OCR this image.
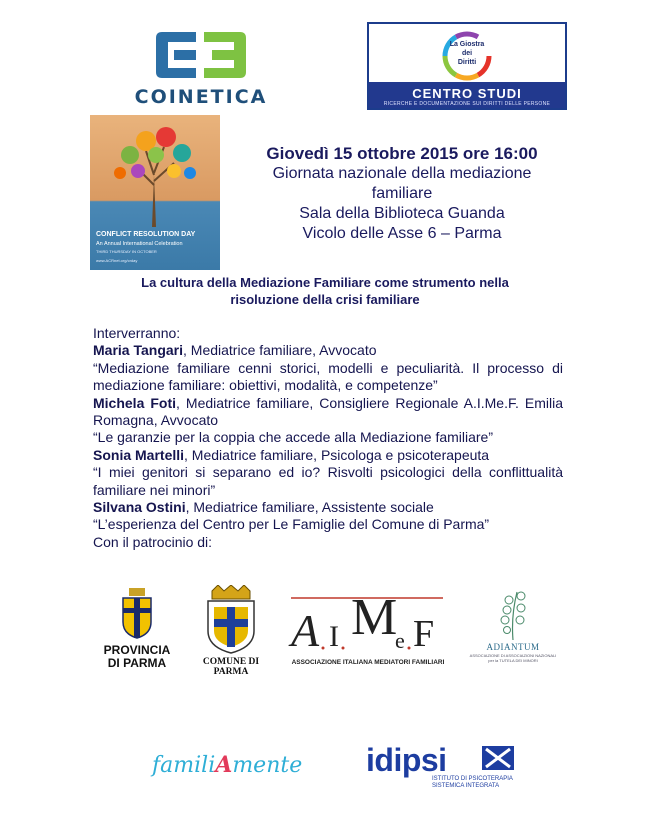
COINETICA
La Giostra
dei
Diritti
CENTRO STUDI
RICERCHE E DOCUMENTAZIONE SUI DIRITTI DELLE PERSONE
CONFLICT RESOLUTION DAY
An Annual International Celebration
THIRD THURSDAY IN OCTOBER
www.ACRnet.org/crday
Giovedì 15 ottobre 2015 ore 16:00
Giornata nazionale della mediazione
familiare
Sala della Biblioteca Guanda
Vicolo delle Asse 6 – Parma
La cultura della Mediazione Familiare come strumento nella
risoluzione della crisi familiare

Interverranno:

Maria Tangari, Mediatrice familiare, Avvocato

“Mediazione familiare cenni storici, modelli e peculiarità. Il processo di mediazione familiare: obiettivi, modalità, e competenze”

Michela Foti, Mediatrice familiare, Consigliere Regionale A.I.Me.F. Emilia Romagna, Avvocato

“Le garanzie per la coppia che accede alla Mediazione familiare”

Sonia Martelli, Mediatrice familiare, Psicologa e psicoterapeuta

“I miei genitori si separano ed io? Risvolti psicologici della conflittualità familiare nei minori”

Silvana Ostini, Mediatrice familiare, Assistente sociale

“L’esperienza del Centro per Le Famiglie del Comune di Parma”

Con il patrocinio di:

PROVINCIA
DI PARMA	COMUNE DI PARMA
A I M
e F
ASSOCIAZIONE ITALIANA MEDIATORI FAMILIARI
ADIANTUM
ASSOCIAZIONE DI ASSOCIAZIONI NAZIONALI
per la TUTELA DEI MINORI
familiAmente	idipsi
ISTITUTO DI PSICOTERAPIA
SISTEMICA INTEGRATA
